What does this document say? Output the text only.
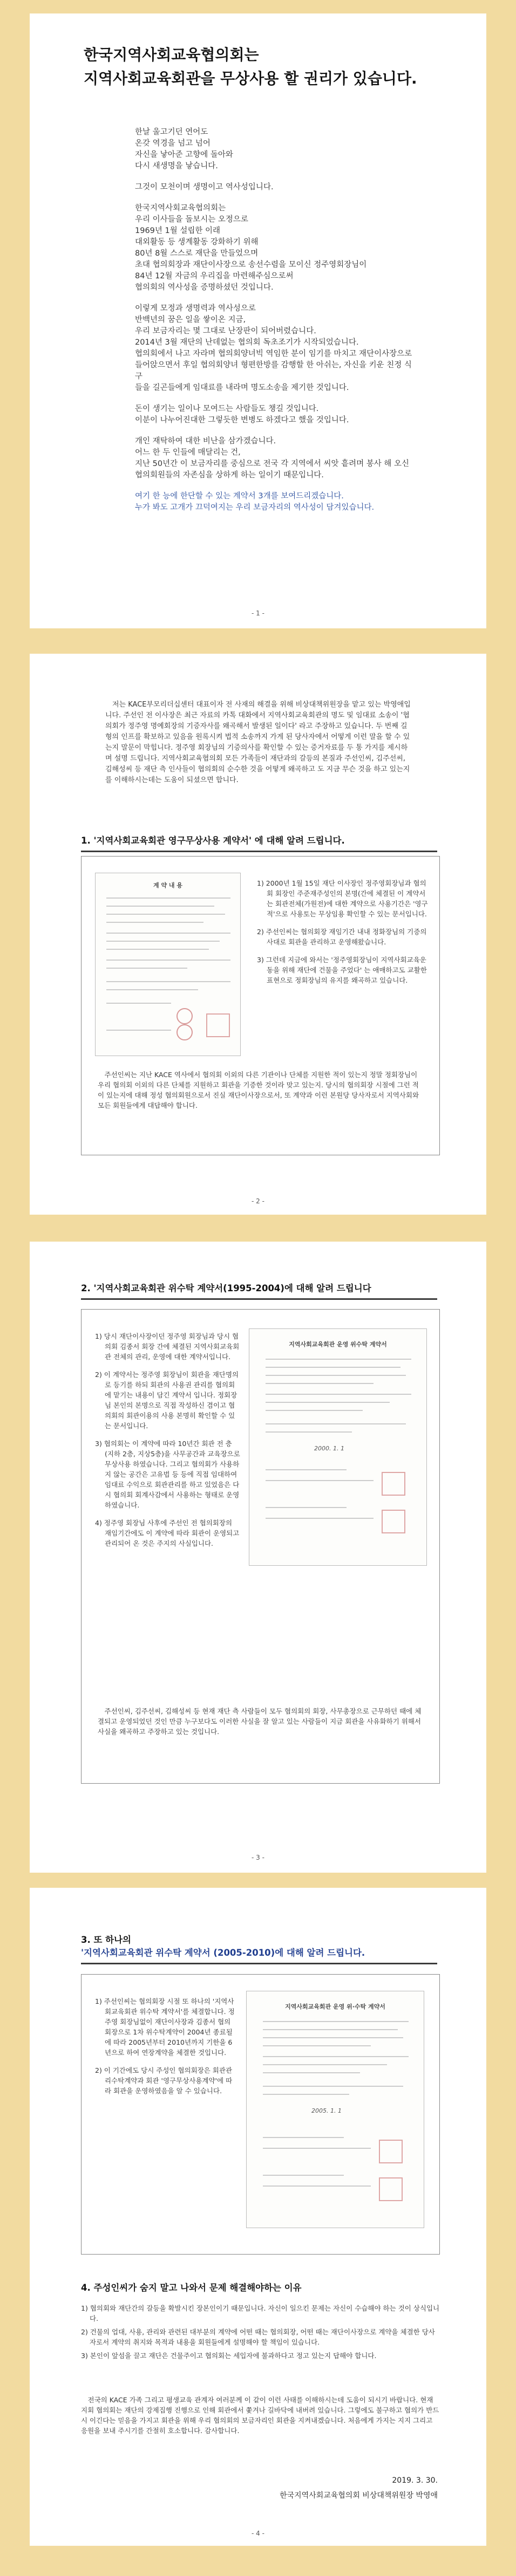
한국지역사회교육협의회는
지역사회교육회관을 무상사용 할 권리가 있습니다.

한날 울고기던 연어도
온갖 역경을 넘고 넘어
자신을 낳아준 고향에 돌아와
다시 새생명을 낳습니다.

그것이 모천이며 생명이고 역사성입니다.

한국지역사회교육협의회는
우리 이사들을 돌보시는 오정으로
1969년 1월 설립한 이래
대외활동 등 생계활동 강화하기 위해
80년 8월 스스로 재단을 만들었으며
초대 협의회장과 재단이사장으로 송선수렴을 모이신 정주영회장님이
84년 12월 자금의 우리집을 마련해주심으로써
협의회의 역사성을 증명하셨던 것입니다.

이렇게 모정과 생명력과 역사성으로
반백년의 꿈은 일을 쌓이온 지금,
우리 보금자리는 몇 그대로 난장판이 되어버렸습니다.
2014년 3월 재단의 난데없는 협의회 독초조기가 시작되었습니다.
협의회에서 나고 자라며 협의회양녀빅 역임한 분이 임기를 마치고 재단이사장으로
들어앉으면서 후일 협의회양녀 형편한방를 감행할 한 아쉬는, 자신을 키운 친정 식구
들을 길곤들에게 임대료를 내라며 명도소송을 제기한 것입니다.

돈이 생기는 일이나 모여드는 사람들도 챙길 것입니다.
이분이 나누어진대한 그렇듯한 변병도 하겠다고 했을 것입니다.

개인 재탁하여 대한 비난을 삼가겠습니다.
어느 한 두 인들에 매달리는 건,
지난 50년간 이 보금자리를 중심으로 전국 각 지역에서 씨앗 흩려며 봉사 해 오신
협의회원들의 자존심을 상하게 하는 일이기 때문입니다.

여기 한 능에 한단할 수 있는 계약서 3개를 보여드리겠습니다.
누가 봐도 고개가 끄덕여지는 우리 보금자리의 역사성이 담겨있습니다.

- 1 -
저는 KACE부모리더십센터 대표이자 전 사재의 해결을 위해 비상대책위원장을 맡고 있는 박영애입니다. 주선인 전 이사장은 최근 자료의 카톡 대화에서 지역사회교육회관의 명도 및 임대료 소송이 '협의회가 정주영 명예회장의 기증자사를 왜곡해서 발생된 일이다' 라고 주장하고 있습니다. 두 번째 길형의 인프를 확보하고 있음을 원록시켜 법적 소송까지 가게 된 당사자에서 어떻게 이런 말을 할 수 있는지 말문이 막힙니다. 정주영 회장님의 기증의사를 확인할 수 있는 증거자료를 두 통 가지를 제시하며 설명 드립니다. 지역사회교육협의회 모든 가족들이 재단과의 갈등의 본질과 주선인씨, 김주선씨, 김해성씨 등 재단 측 인사들이 협의회의 순수한 것을 어떻게 왜곡하고 도 지금 무슨 것을 하고 있는지를 이해하시는데는 도움이 되셨으면 합니다.
1. '지역사회교육회관 영구무상사용 계약서' 에 대해 알려 드립니다.
계 약 내 용	1) 2000년 1월 15일 재단 이사장인 정주영회장님과 협의회 회장인 주준재주성인의 본명(간에 체결된 이 계약서는 회관전체(가원전)에 대한 계약으로 사용기간은 '영구적'으로 사용토는 무상임용 확인할 수 있는 문서입니다.
2) 주선인씨는 협의회장 재임기간 내내 정화장님의 기증의사대로 회관을 관리하고 운영해왔습니다.
3) 그런데 지금에 와서는 '정주영회장님이 지역사회교육운동을 위해 재단에 건물을 주었다' 는 애매하고도 교활한 표현으로 정회장님의 유지를 왜곡하고 있습니다.
주선인씨는 지난 KACE 역사에서 협의회 이외의 다른 기관이나 단체를 지원한 적이 있는지 정말 정회장님이 우리 협의회 이외의 다른 단체를 지원하고 회관을 기증한 것이라 맞고 있는지. 당시의 협의회장 시절에 그런 적이 있는지에 대해 정성 협의회원으로서 진실 재단이사장으로서, 또 계약과 이런 본원당 당사자로서 지역사회와 모든 회원들에게 대답해야 합니다.
- 2 -
2. '지역사회교육회관 위수탁 계약서(1995-2004)에 대해 알려 드립니다
1) 당시 재단이사장이던 정주영 회장님과 당시 협의회 김종서 회장 간에 체결된 지역사회교육회관 전체의 관리, 운영에 대한 계약서입니다.
2) 이 계약서는 정주영 회장님이 회관을 재단명의로 등기를 하되 회관의 사용권 관리를 협의회에 맡기는 내용이 담긴 계약서 입니다. 정회장님 본인의 본명으로 직접 작성하신 겸이고 협의회의 회관이용의 사용 본명히 확인할 수 있는 문서입니다.
3) 협의회는 이 계약에 따라 10년간 회관 전 층(지하 2층, 지상5층)을 사무공간과 교육장으로 무상사용 하였습니다. 그리고 협의회가 사용하지 않는 공간은 고유법 등 등에 직접 임대하여 임대료 수익으로 회관관리를 하고 있었음은 다시 협의회 회계사감에서 사용하는 형태로 운영하였습니다.
4) 정주영 회장님 사후에 주선인 전 협의회장의 재임기간에도 이 계약에 따라 회관이 운영되고 관리되어 온 것은 주지의 사실입니다.
지역사회교육회관 운영 위수탁 계약서
2000. 1. 1
주선인씨, 김주선씨, 김해성씨 등 현재 재단 측 사람들이 모두 협의회의 회장, 사무총장으로 근무하던 때에 체결되고 운영되었던 것인 만큼 누구보다도 이러한 사실을 잘 알고 있는 사람들이 지금 회관을 사유화하기 위해서 사실을 왜곡하고 주장하고 있는 것입니다.
- 3 -
3. 또 하나의
'지역사회교육회관 위수탁 계약서 (2005-2010)에 대해 알려 드립니다.
1) 주선인씨는 협의회장 시절 또 하나의 '지역사회교육회관 위수탁 계약서'를 체결합니다. 정주영 회장님없이 재단이사장과 김종서 협의회장으로 1차 위수탁계약이 2004년 종료될에 따라 2005년부터 2010년까지 기한을 6년으로 하여 연장계약을 체결한 것입니다.
2) 이 기간에도 당시 주성인 협의회장은 회관관리수탁계약과 회관 '영구무상사용계약'에 따라 회관을 운영하였음을 알 수 있습니다.
지역사회교육회관 운영 위·수탁 계약서
2005. 1. 1
4. 주성인씨가 숨지 말고 나와서 문제 해결해야하는 이유
1) 협의회와 재단간의 갈등을 확발시킨 장본인이기 때문입니다. 자신이 일으킨 문제는 자신이 수습해야 하는 것이 상식입니다.
2) 건물의 업대, 사용, 관리와 관련된 대부분의 계약에 어떤 때는 협의회장, 어떤 때는 재단이사장으로 계약을 체결한 당사자로서 계약의 취지와 목적과 내용을 회원들에게 설명해야 할 책임이 있습니다.
3) 본인이 앞섬을 끌고 재단은 건물주이고 협의회는 세입자에 불과하다고 정고 있는지 답해야 합니다.
전국의 KACE 가족 그리고 평생교육 관계자 여러분께 이 같이 이런 사태를 이해하시는데 도움이 되시기 바랍니다. 현재 지회 협의회는 재단의 강제집행 진행으로 인해 회관에서 쫓겨나 길바닥에 내버려 있습니다. 그렇에도 불구하고 협의가 반드시 이긴다는 믿음을 가지고 회관을 위해 우리 협의회의 보금자리인 회관을 지켜내겠습니다. 처음에게 가지는 지지 그리고 응원을 보내 주시기를 간절히 호소합니다. 감사합니다.
2019. 3. 30.
한국지역사회교육협의회 비상대책위원장 박영애
- 4 -
